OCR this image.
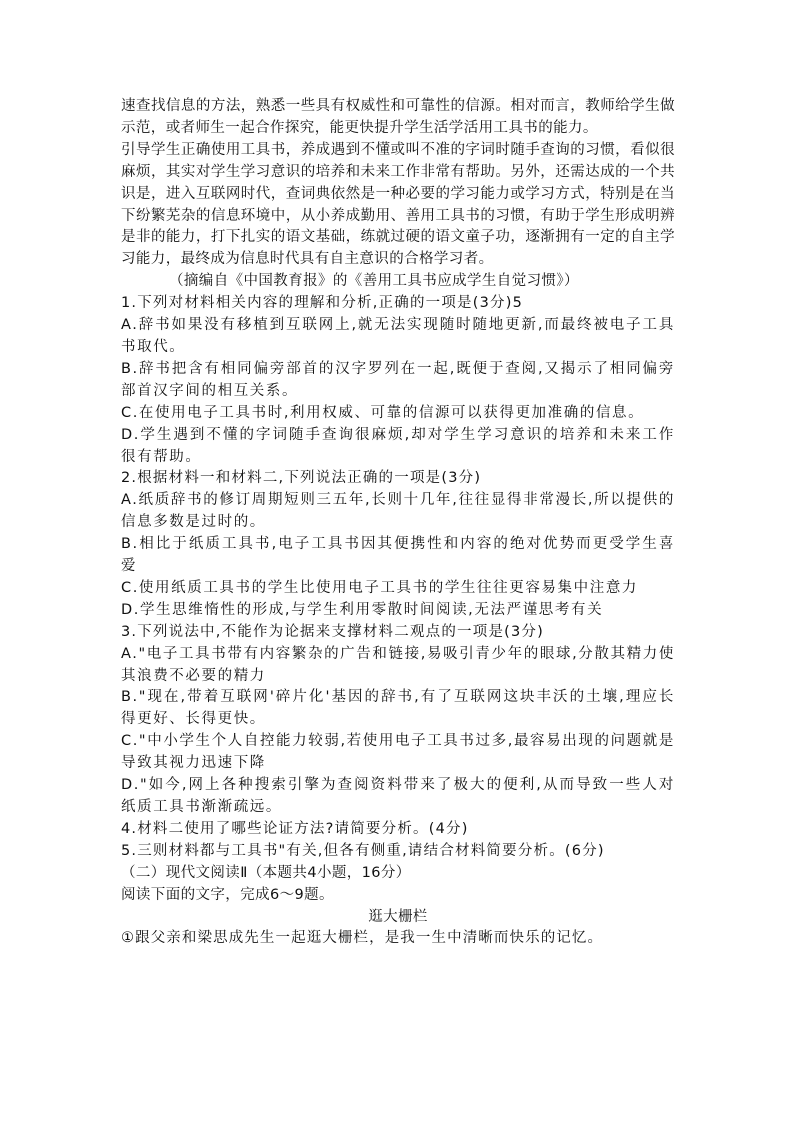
速查找信息的方法，熟悉一些具有权威性和可靠性的信源。相对而言，教师给学生做示范，或者师生一起合作探究，能更快提升学生活学活用工具书的能力。

引导学生正确使用工具书，养成遇到不懂或叫不准的字词时随手查询的习惯，看似很麻烦，其实对学生学习意识的培养和未来工作非常有帮助。另外，还需达成的一个共识是，进入互联网时代，查词典依然是一种必要的学习能力或学习方式，特别是在当下纷繁芜杂的信息环境中，从小养成勤用、善用工具书的习惯，有助于学生形成明辨是非的能力，打下扎实的语文基础，练就过硬的语文童子功，逐渐拥有一定的自主学习能力，最终成为信息时代具有自主意识的合格学习者。

（摘编自《中国教育报》的《善用工具书应成学生自觉习惯》）

1.下列对材料相关内容的理解和分析,正确的一项是(3分)5

A.辞书如果没有移植到互联网上,就无法实现随时随地更新,而最终被电子工具书取代。

B.辞书把含有相同偏旁部首的汉字罗列在一起,既便于查阅,又揭示了相同偏旁部首汉字间的相互关系。

C.在使用电子工具书时,利用权威、可靠的信源可以获得更加准确的信息。

D.学生遇到不懂的字词随手查询很麻烦,却对学生学习意识的培养和未来工作很有帮助。

2.根据材料一和材料二,下列说法正确的一项是(3分)

A.纸质辞书的修订周期短则三五年,长则十几年,往往显得非常漫长,所以提供的信息多数是过时的。

B.相比于纸质工具书,电子工具书因其便携性和内容的绝对优势而更受学生喜爱

C.使用纸质工具书的学生比使用电子工具书的学生往往更容易集中注意力

D.学生思维惰性的形成,与学生利用零散时间阅读,无法严谨思考有关

3.下列说法中,不能作为论据来支撑材料二观点的一项是(3分)

A."电子工具书带有内容繁杂的广告和链接,易吸引青少年的眼球,分散其精力使其浪费不必要的精力

B."现在,带着互联网'碎片化'基因的辞书,有了互联网这块丰沃的土壤,理应长得更好、长得更快。

C."中小学生个人自控能力较弱,若使用电子工具书过多,最容易出现的问题就是导致其视力迅速下降

D."如今,网上各种搜索引擎为查阅资料带来了极大的便利,从而导致一些人对纸质工具书渐渐疏远。

4.材料二使用了哪些论证方法?请简要分析。(4分)

5.三则材料都与工具书"有关,但各有侧重,请结合材料简要分析。(6分)

（二）现代文阅读Ⅱ（本题共4小题，16分）

阅读下面的文字，完成6～9题。

逛大栅栏

①跟父亲和梁思成先生一起逛大栅栏，是我一生中清晰而快乐的记忆。
